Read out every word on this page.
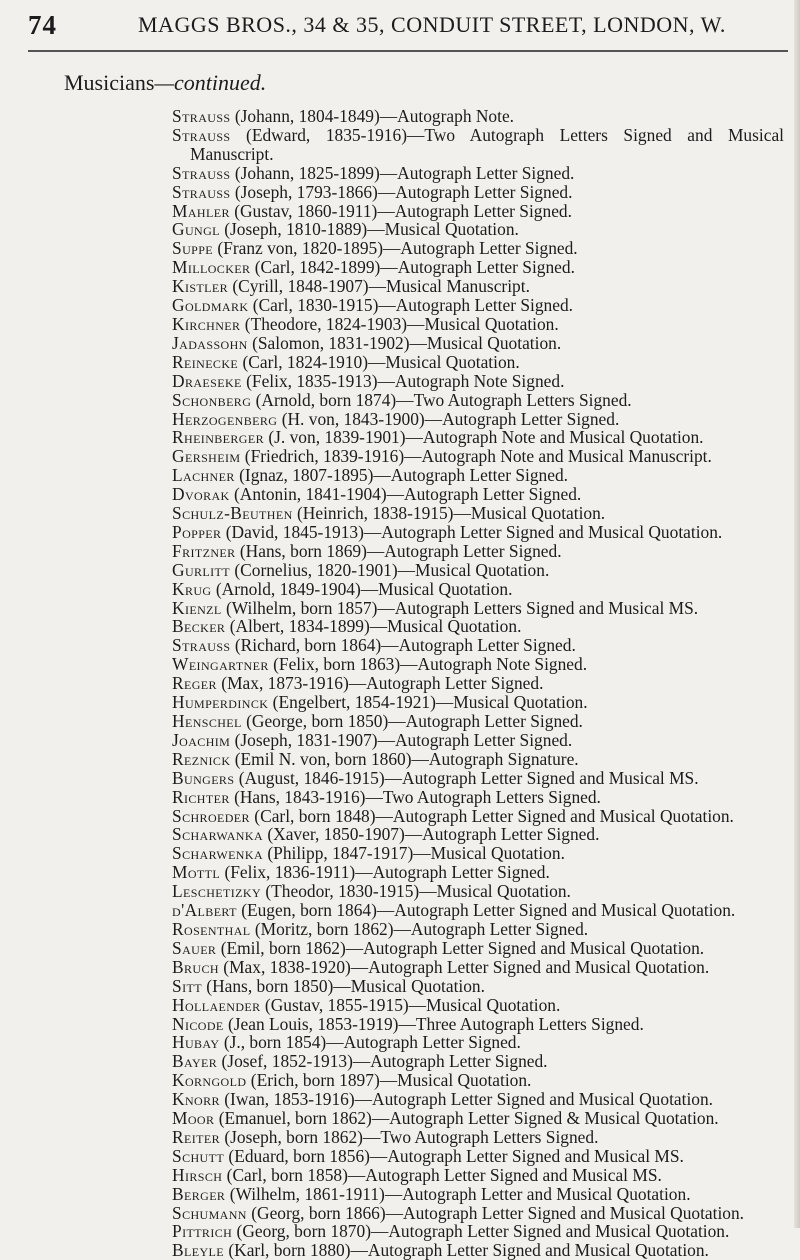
74	MAGGS BROS., 34 & 35, CONDUIT STREET, LONDON, W.
Musicians—continued.
Strauss (Johann, 1804-1849)—Autograph Note.
Strauss (Edward, 1835-1916)—Two Autograph Letters Signed and Musical Manuscript.
Strauss (Johann, 1825-1899)—Autograph Letter Signed.
Strauss (Joseph, 1793-1866)—Autograph Letter Signed.
Mahler (Gustav, 1860-1911)—Autograph Letter Signed.
Gungl (Joseph, 1810-1889)—Musical Quotation.
Suppe (Franz von, 1820-1895)—Autograph Letter Signed.
Millocker (Carl, 1842-1899)—Autograph Letter Signed.
Kistler (Cyrill, 1848-1907)—Musical Manuscript.
Goldmark (Carl, 1830-1915)—Autograph Letter Signed.
Kirchner (Theodore, 1824-1903)—Musical Quotation.
Jadassohn (Salomon, 1831-1902)—Musical Quotation.
Reinecke (Carl, 1824-1910)—Musical Quotation.
Draeseke (Felix, 1835-1913)—Autograph Note Signed.
Schonberg (Arnold, born 1874)—Two Autograph Letters Signed.
Herzogenberg (H. von, 1843-1900)—Autograph Letter Signed.
Rheinberger (J. von, 1839-1901)—Autograph Note and Musical Quotation.
Gersheim (Friedrich, 1839-1916)—Autograph Note and Musical Manuscript.
Lachner (Ignaz, 1807-1895)—Autograph Letter Signed.
Dvorak (Antonin, 1841-1904)—Autograph Letter Signed.
Schulz-Beuthen (Heinrich, 1838-1915)—Musical Quotation.
Popper (David, 1845-1913)—Autograph Letter Signed and Musical Quotation.
Fritzner (Hans, born 1869)—Autograph Letter Signed.
Gurlitt (Cornelius, 1820-1901)—Musical Quotation.
Krug (Arnold, 1849-1904)—Musical Quotation.
Kienzl (Wilhelm, born 1857)—Autograph Letters Signed and Musical MS.
Becker (Albert, 1834-1899)—Musical Quotation.
Strauss (Richard, born 1864)—Autograph Letter Signed.
Weingartner (Felix, born 1863)—Autograph Note Signed.
Reger (Max, 1873-1916)—Autograph Letter Signed.
Humperdinck (Engelbert, 1854-1921)—Musical Quotation.
Henschel (George, born 1850)—Autograph Letter Signed.
Joachim (Joseph, 1831-1907)—Autograph Letter Signed.
Reznick (Emil N. von, born 1860)—Autograph Signature.
Bungers (August, 1846-1915)—Autograph Letter Signed and Musical MS.
Richter (Hans, 1843-1916)—Two Autograph Letters Signed.
Schroeder (Carl, born 1848)—Autograph Letter Signed and Musical Quotation.
Scharwanka (Xaver, 1850-1907)—Autograph Letter Signed.
Scharwenka (Philipp, 1847-1917)—Musical Quotation.
Mottl (Felix, 1836-1911)—Autograph Letter Signed.
Leschetizky (Theodor, 1830-1915)—Musical Quotation.
d'Albert (Eugen, born 1864)—Autograph Letter Signed and Musical Quotation.
Rosenthal (Moritz, born 1862)—Autograph Letter Signed.
Sauer (Emil, born 1862)—Autograph Letter Signed and Musical Quotation.
Bruch (Max, 1838-1920)—Autograph Letter Signed and Musical Quotation.
Sitt (Hans, born 1850)—Musical Quotation.
Hollaender (Gustav, 1855-1915)—Musical Quotation.
Nicode (Jean Louis, 1853-1919)—Three Autograph Letters Signed.
Hubay (J., born 1854)—Autograph Letter Signed.
Bayer (Josef, 1852-1913)—Autograph Letter Signed.
Korngold (Erich, born 1897)—Musical Quotation.
Knorr (Iwan, 1853-1916)—Autograph Letter Signed and Musical Quotation.
Moor (Emanuel, born 1862)—Autograph Letter Signed & Musical Quotation.
Reiter (Joseph, born 1862)—Two Autograph Letters Signed.
Schutt (Eduard, born 1856)—Autograph Letter Signed and Musical MS.
Hirsch (Carl, born 1858)—Autograph Letter Signed and Musical MS.
Berger (Wilhelm, 1861-1911)—Autograph Letter and Musical Quotation.
Schumann (Georg, born 1866)—Autograph Letter Signed and Musical Quotation.
Pittrich (Georg, born 1870)—Autograph Letter Signed and Musical Quotation.
Bleyle (Karl, born 1880)—Autograph Letter Signed and Musical Quotation.
